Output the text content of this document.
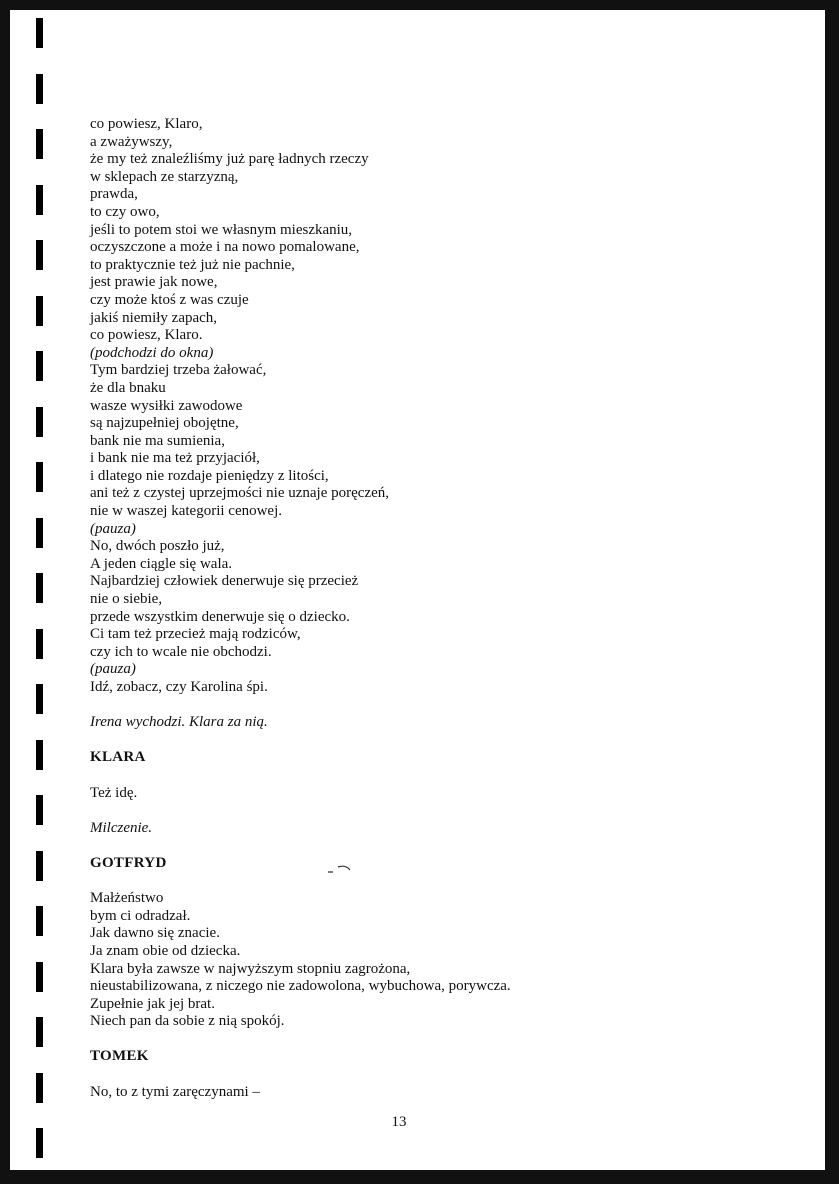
co powiesz, Klaro,
a zważywszy,
że my też znaleźliśmy już parę ładnych rzeczy
w sklepach ze starzyzną,
prawda,
to czy owo,
jeśli to potem stoi we własnym mieszkaniu,
oczyszczone a może i na nowo pomalowane,
to praktycznie też już nie pachnie,
jest prawie jak nowe,
czy może ktoś z was czuje
jakiś niemiły zapach,
co powiesz, Klaro.
(podchodzi do okna)
Tym bardziej trzeba żałować,
że dla bnaku
wasze wysiłki zawodowe
są najzupełniej obojętne,
bank nie ma sumienia,
i bank nie ma też przyjaciół,
i dlatego nie rozdaje pieniędzy z litości,
ani też z czystej uprzejmości nie uznaje poręczeń,
nie w waszej kategorii cenowej.
(pauza)
No, dwóch poszło już,
A jeden ciągle się wala.
Najbardziej człowiek denerwuje się przecież
nie o siebie,
przede wszystkim denerwuje się o dziecko.
Ci tam też przecież mają rodziców,
czy ich to wcale nie obchodzi.
(pauza)
Idź, zobacz, czy Karolina śpi.
Irena wychodzi. Klara za nią.
KLARA
Też idę.
Milczenie.
GOTFRYD
Małżeństwo
bym ci odradzał.
Jak dawno się znacie.
Ja znam obie od dziecka.
Klara była zawsze w najwyższym stopniu zagrożona,
nieustabilizowana, z niczego nie zadowolona, wybuchowa, porywcza.
Zupełnie jak jej brat.
Niech pan da sobie z nią spokój.
TOMEK
No, to z tymi zaręczynami –
13
